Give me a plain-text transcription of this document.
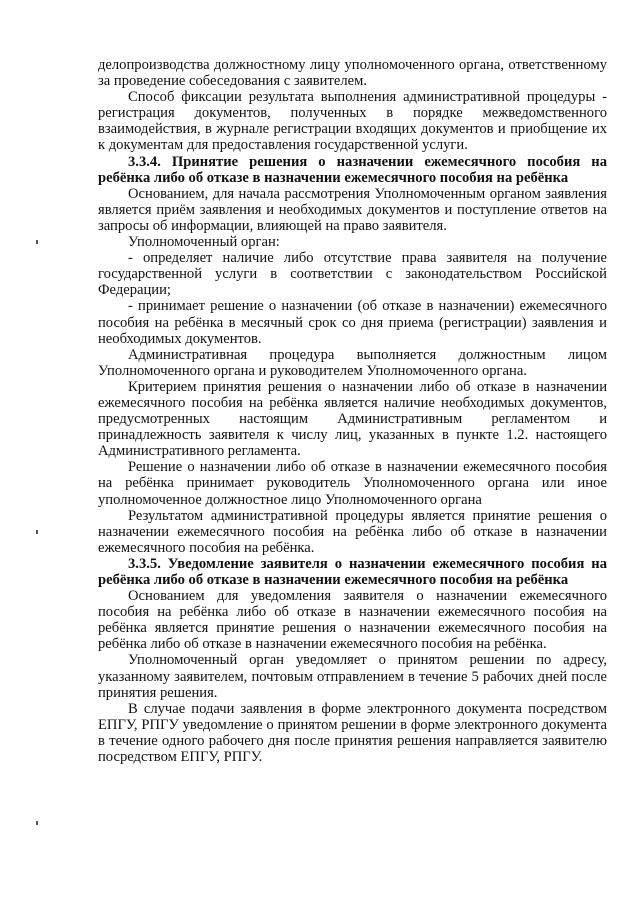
делопроизводства должностному лицу уполномоченного органа, ответственному за проведение собеседования с заявителем.

Способ фиксации результата выполнения административной процедуры - регистрация документов, полученных в порядке межведомственного взаимодействия, в журнале регистрации входящих документов и приобщение их к документам для предоставления государственной услуги.

3.3.4. Принятие решения о назначении ежемесячного пособия на ребёнка либо об отказе в назначении ежемесячного пособия на ребёнка

Основанием, для начала рассмотрения Уполномоченным органом заявления является приём заявления и необходимых документов и поступление ответов на запросы об информации, влияющей на право заявителя.

Уполномоченный орган:

- определяет наличие либо отсутствие права заявителя на получение государственной услуги в соответствии с законодательством Российской Федерации;

- принимает решение о назначении (об отказе в назначении) ежемесячного пособия на ребёнка в месячный срок со дня приема (регистрации) заявления и необходимых документов.

Административная процедура выполняется должностным лицом Уполномоченного органа и руководителем Уполномоченного органа.

Критерием принятия решения о назначении либо об отказе в назначении ежемесячного пособия на ребёнка является наличие необходимых документов, предусмотренных настоящим Административным регламентом и принадлежность заявителя к числу лиц, указанных в пункте 1.2. настоящего Административного регламента.

Решение о назначении либо об отказе в назначении ежемесячного пособия на ребёнка принимает руководитель Уполномоченного органа или иное уполномоченное должностное лицо Уполномоченного органа

Результатом административной процедуры является принятие решения о назначении ежемесячного пособия на ребёнка либо об отказе в назначении ежемесячного пособия на ребёнка.

3.3.5. Уведомление заявителя о назначении ежемесячного пособия на ребёнка либо об отказе в назначении ежемесячного пособия на ребёнка

Основанием для уведомления заявителя о назначении ежемесячного пособия на ребёнка либо об отказе в назначении ежемесячного пособия на ребёнка является принятие решения о назначении ежемесячного пособия на ребёнка либо об отказе в назначении ежемесячного пособия на ребёнка.

Уполномоченный орган уведомляет о принятом решении по адресу, указанному заявителем, почтовым отправлением в течение 5 рабочих дней после принятия решения.

В случае подачи заявления в форме электронного документа посредством ЕПГУ, РПГУ уведомление о принятом решении в форме электронного документа в течение одного рабочего дня после принятия решения направляется заявителю посредством ЕПГУ, РПГУ.
